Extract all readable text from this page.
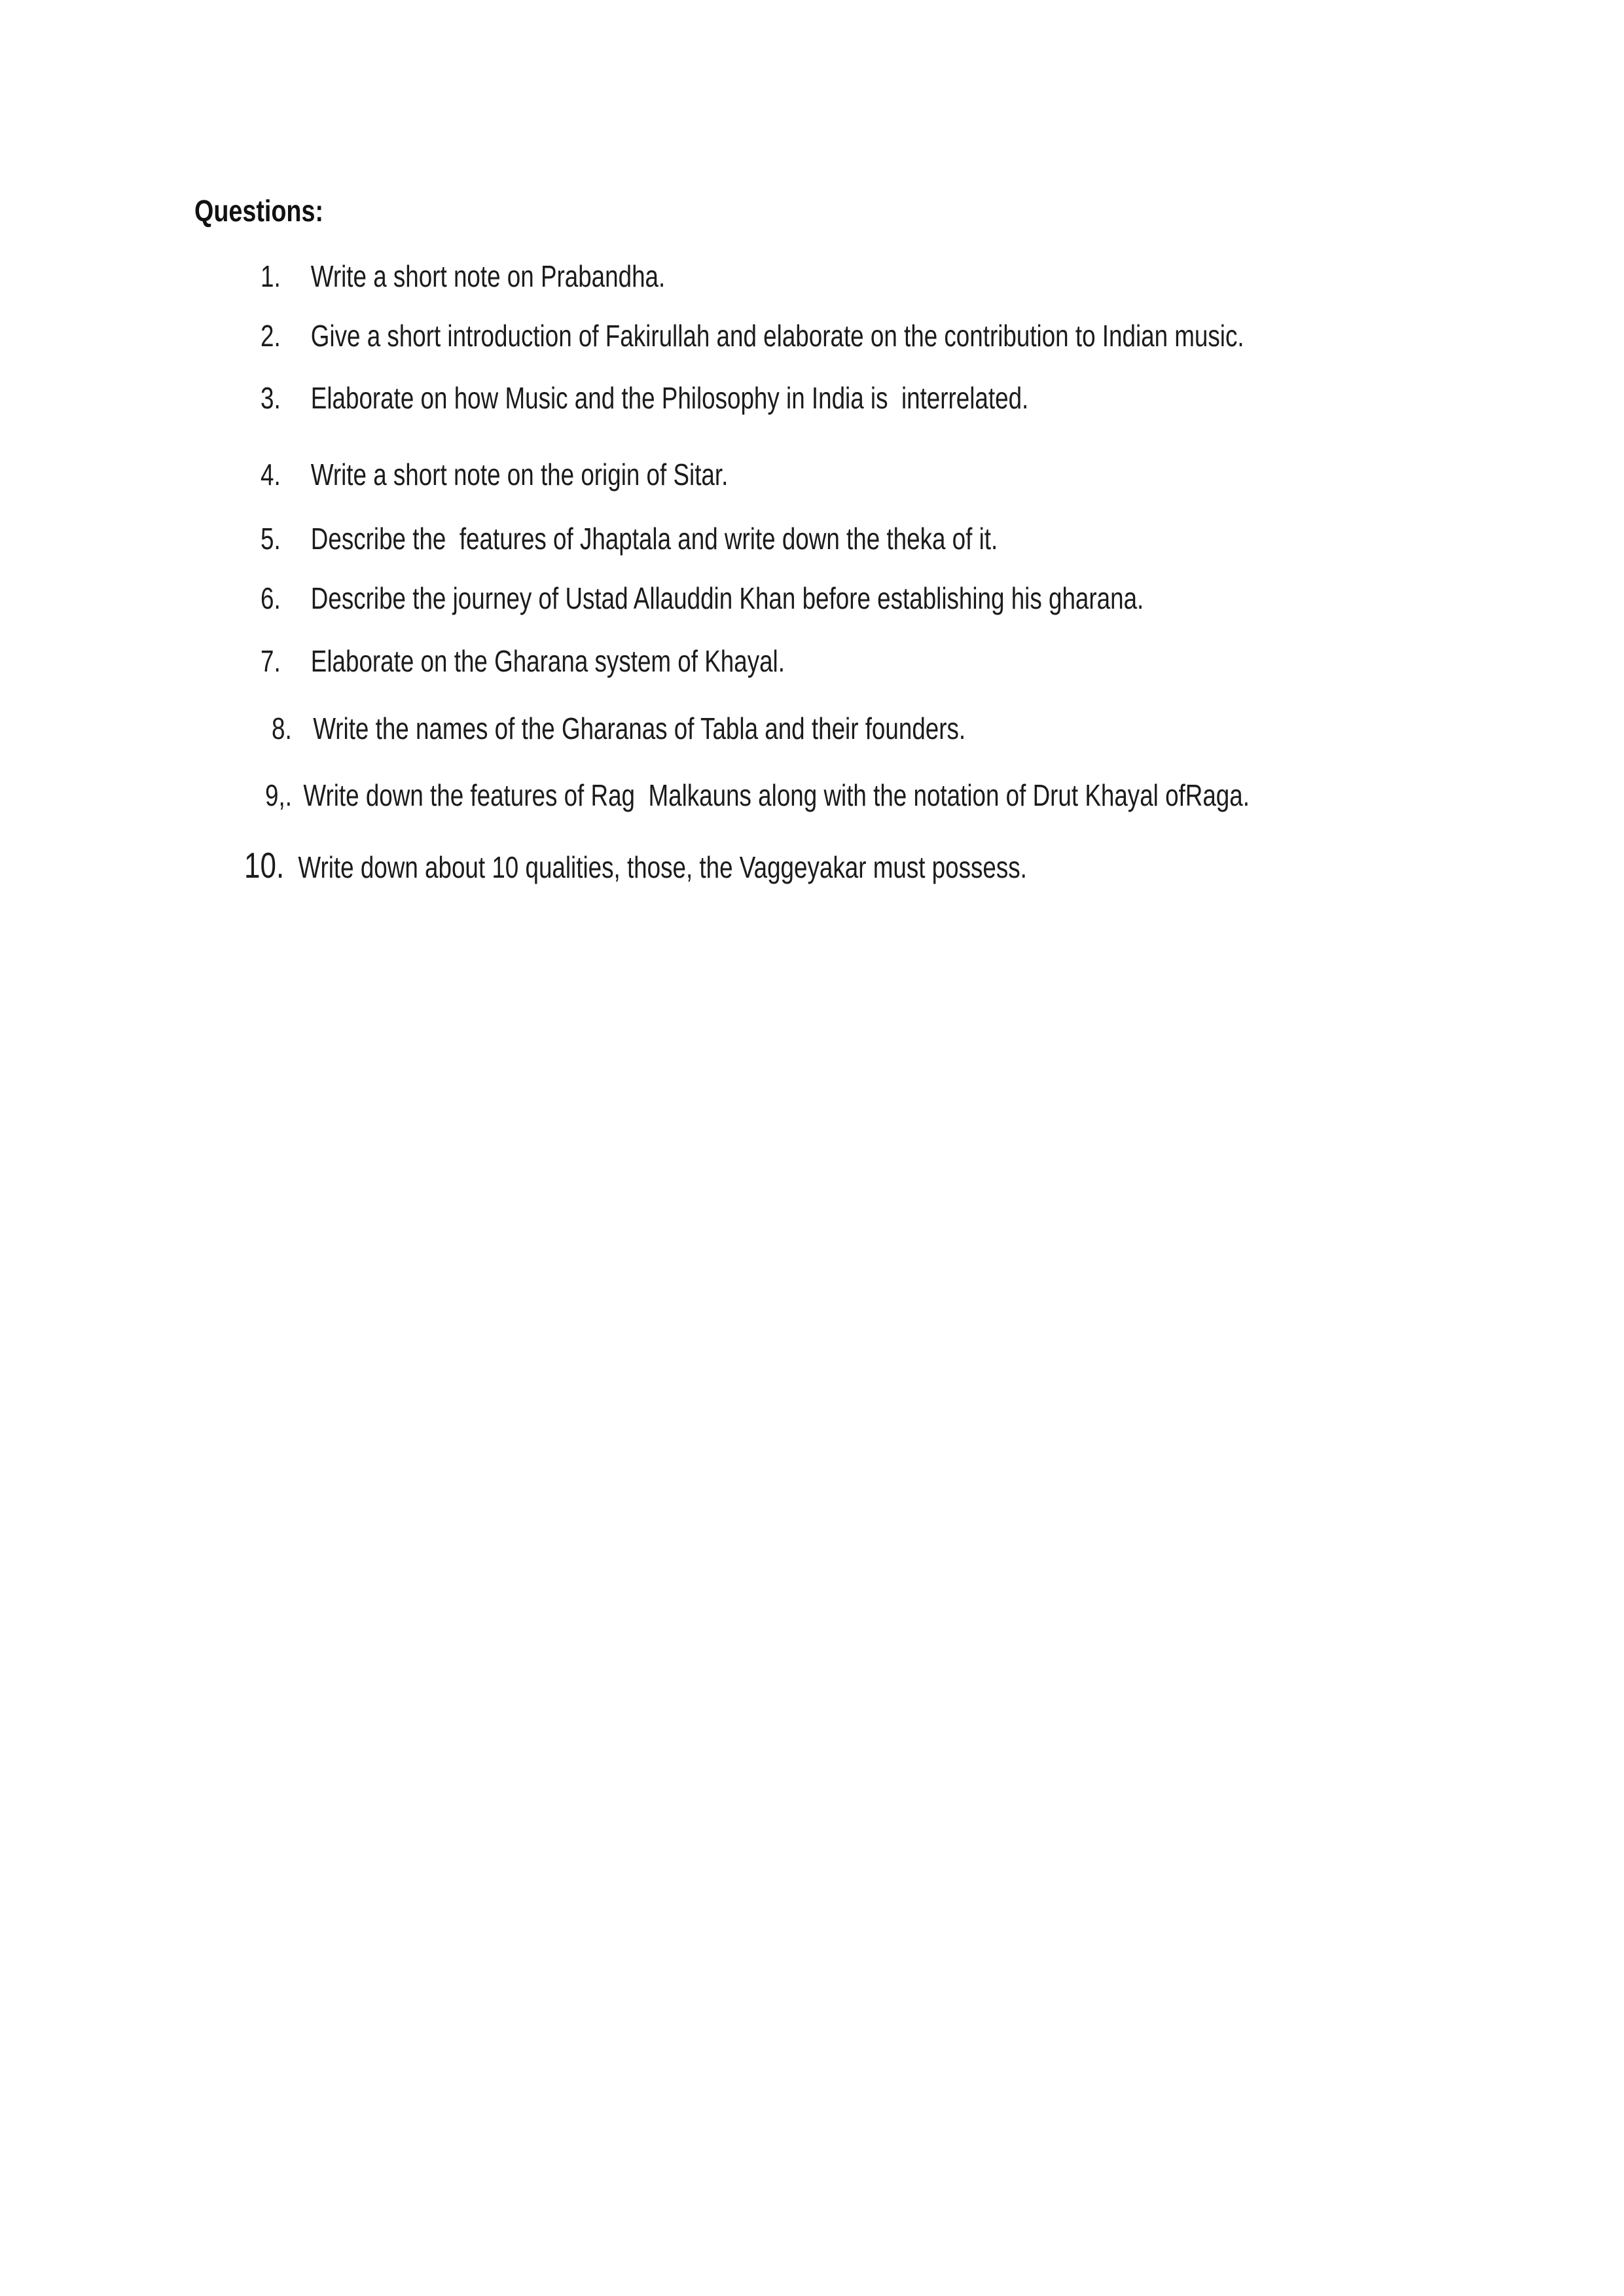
Questions:
1. Write a short note on Prabandha.
2. Give a short introduction of Fakirullah and elaborate on the contribution to Indian music.
3. Elaborate on how Music and the Philosophy in India is  interrelated.
4. Write a short note on the origin of Sitar.
5. Describe the  features of Jhaptala and write down the theka of it.
6. Describe the journey of Ustad Allauddin Khan before establishing his gharana.
7. Elaborate on the Gharana system of Khayal.
8. Write the names of the Gharanas of Tabla and their founders.
9,. Write down the features of Rag  Malkauns along with the notation of Drut Khayal ofRaga.
10. Write down about 10 qualities, those, the Vaggeyakar must possess.
